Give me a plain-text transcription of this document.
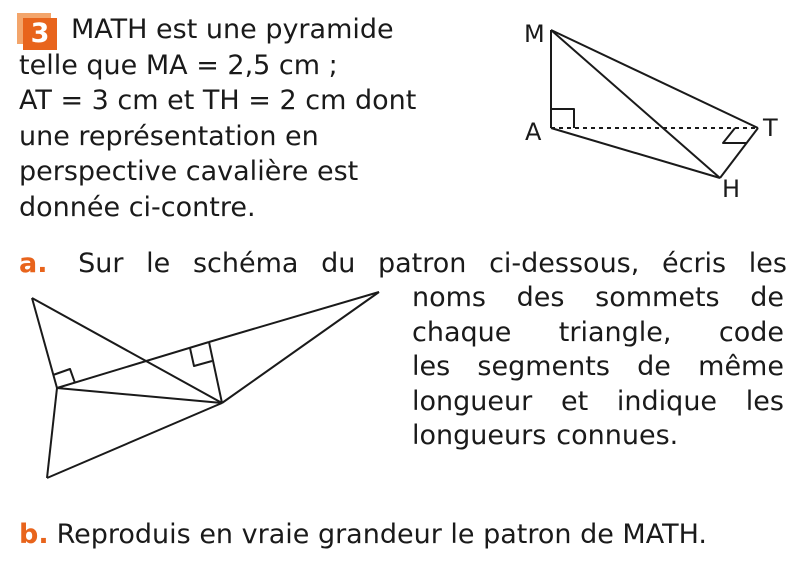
3 MATH est une pyramide
telle que MA = 2,5 cm ;
AT = 3 cm et TH = 2 cm dont
une représentation en
perspective cavalière est
donnée ci-contre.
M
A	T
H
a. Sur le schéma du patron ci-dessous, écris les
noms des sommets de
chaque triangle, code
les segments de même
longueur et indique les
longueurs connues.
b. Reproduis en vraie grandeur le patron de MATH.
